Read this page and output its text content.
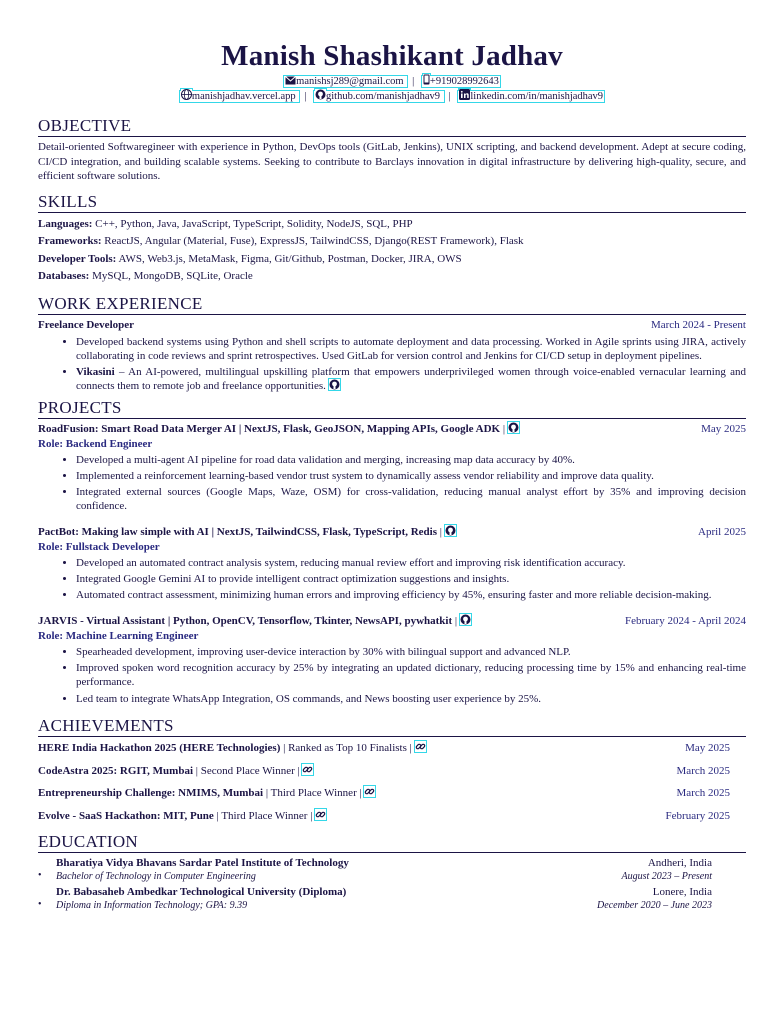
Manish Shashikant Jadhav
manishsj289@gmail.com | +919028992643
manishjadhav.vercel.app | github.com/manishjadhav9 | linkedin.com/in/manishjadhav9
OBJECTIVE

Detail-oriented Softwaregineer with experience in Python, DevOps tools (GitLab, Jenkins), UNIX scripting, and backend development. Adept at secure coding, CI/CD integration, and building scalable systems. Seeking to contribute to Barclays innovation in digital infrastructure by delivering high-quality, secure, and efficient software solutions.

SKILLS
Languages: C++, Python, Java, JavaScript, TypeScript, Solidity, NodeJS, SQL, PHP
Frameworks: ReactJS, Angular (Material, Fuse), ExpressJS, TailwindCSS, Django(REST Framework), Flask
Developer Tools: AWS, Web3.js, MetaMask, Figma, Git/Github, Postman, Docker, JIRA, OWS
Databases: MySQL, MongoDB, SQLite, Oracle
WORK EXPERIENCE
Freelance Developer	March 2024 - Present
• Developed backend systems using Python and shell scripts to automate deployment and data processing. Worked in Agile sprints using JIRA, actively collaborating in code reviews and sprint retrospectives. Used GitLab for version control and Jenkins for CI/CD setup in deployment pipelines.
• Vikasini – An AI-powered, multilingual upskilling platform that empowers underprivileged women through voice-enabled vernacular learning and connects them to remote job and freelance opportunities.
PROJECTS
RoadFusion: Smart Road Data Merger AI | NextJS, Flask, GeoJSON, Mapping APIs, Google ADK |	May 2025
Role: Backend Engineer
• Developed a multi-agent AI pipeline for road data validation and merging, increasing map data accuracy by 40%.
• Implemented a reinforcement learning-based vendor trust system to dynamically assess vendor reliability and improve data quality.
• Integrated external sources (Google Maps, Waze, OSM) for cross-validation, reducing manual analyst effort by 35% and improving decision confidence.
PactBot: Making law simple with AI | NextJS, TailwindCSS, Flask, TypeScript, Redis |	April 2025
Role: Fullstack Developer
• Developed an automated contract analysis system, reducing manual review effort and improving risk identification accuracy.
• Integrated Google Gemini AI to provide intelligent contract optimization suggestions and insights.
• Automated contract assessment, minimizing human errors and improving efficiency by 45%, ensuring faster and more reliable decision-making.
JARVIS - Virtual Assistant | Python, OpenCV, Tensorflow, Tkinter, NewsAPI, pywhatkit |	February 2024 - April 2024
Role: Machine Learning Engineer
• Spearheaded development, improving user-device interaction by 30% with bilingual support and advanced NLP.
• Improved spoken word recognition accuracy by 25% by integrating an updated dictionary, reducing processing time by 15% and enhancing real-time performance.
• Led team to integrate WhatsApp Integration, OS commands, and News boosting user experience by 25%.
ACHIEVEMENTS
HERE India Hackathon 2025 (HERE Technologies) | Ranked as Top 10 Finalists |	May 2025
CodeAstra 2025: RGIT, Mumbai | Second Place Winner |	March 2025
Entrepreneurship Challenge: NMIMS, Mumbai | Third Place Winner |	March 2025
Evolve - SaaS Hackathon: MIT, Pune | Third Place Winner |	February 2025
EDUCATION
•
Bharatiya Vidya Bhavans Sardar Patel Institute of Technology	Andheri, India
Bachelor of Technology in Computer Engineering	August 2023 – Present
•
Dr. Babasaheb Ambedkar Technological University (Diploma)	Lonere, India
Diploma in Information Technology; GPA: 9.39	December 2020 – June 2023
